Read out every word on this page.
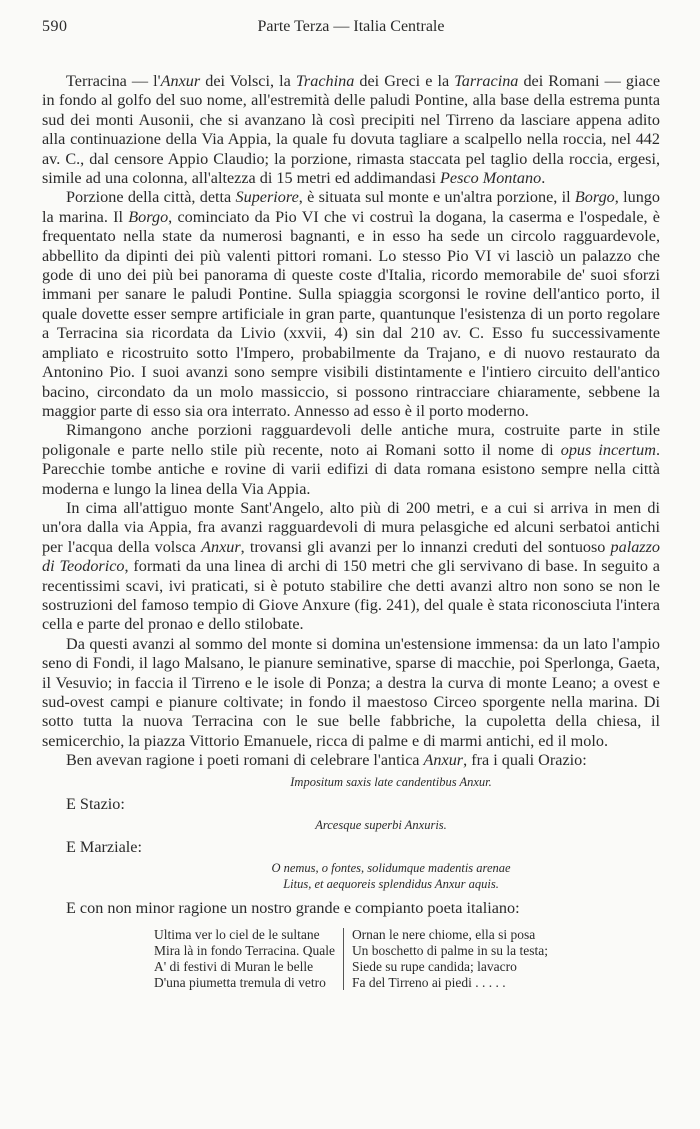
590	Parte Terza — Italia Centrale

Terracina — l'Anxur dei Volsci, la Trachina dei Greci e la Tarracina dei Romani — giace in fondo al golfo del suo nome, all'estremità delle paludi Pontine, alla base della estrema punta sud dei monti Ausonii, che si avanzano là così precipiti nel Tirreno da lasciare appena adito alla continuazione della Via Appia, la quale fu dovuta tagliare a scalpello nella roccia, nel 442 av. C., dal censore Appio Claudio; la porzione, rimasta staccata pel taglio della roccia, ergesi, simile ad una colonna, all'altezza di 15 metri ed addimandasi Pesco Montano.

Porzione della città, detta Superiore, è situata sul monte e un'altra porzione, il Borgo, lungo la marina. Il Borgo, cominciato da Pio VI che vi costruì la dogana, la caserma e l'ospedale, è frequentato nella state da numerosi bagnanti, e in esso ha sede un circolo ragguardevole, abbellito da dipinti dei più valenti pittori romani. Lo stesso Pio VI vi lasciò un palazzo che gode di uno dei più bei panorama di queste coste d'Italia, ricordo memorabile de' suoi sforzi immani per sanare le paludi Pontine. Sulla spiaggia scorgonsi le rovine dell'antico porto, il quale dovette esser sempre artificiale in gran parte, quantunque l'esistenza di un porto regolare a Terracina sia ricordata da Livio (xxvii, 4) sin dal 210 av. C. Esso fu successivamente ampliato e ricostruito sotto l'Impero, probabilmente da Trajano, e di nuovo restaurato da Antonino Pio. I suoi avanzi sono sempre visibili distintamente e l'intiero circuito dell'antico bacino, circondato da un molo massiccio, si possono rintracciare chiaramente, sebbene la maggior parte di esso sia ora interrato. Annesso ad esso è il porto moderno.

Rimangono anche porzioni ragguardevoli delle antiche mura, costruite parte in stile poligonale e parte nello stile più recente, noto ai Romani sotto il nome di opus incertum. Parecchie tombe antiche e rovine di varii edifizi di data romana esistono sempre nella città moderna e lungo la linea della Via Appia.

In cima all'attiguo monte Sant'Angelo, alto più di 200 metri, e a cui si arriva in men di un'ora dalla via Appia, fra avanzi ragguardevoli di mura pelasgiche ed alcuni serbatoi antichi per l'acqua della volsca Anxur, trovansi gli avanzi per lo innanzi creduti del sontuoso palazzo di Teodorico, formati da una linea di archi di 150 metri che gli servivano di base. In seguito a recentissimi scavi, ivi praticati, si è potuto stabilire che detti avanzi altro non sono se non le sostruzioni del famoso tempio di Giove Anxure (fig. 241), del quale è stata riconosciuta l'intera cella e parte del pronao e dello stilobate.

Da questi avanzi al sommo del monte si domina un'estensione immensa: da un lato l'ampio seno di Fondi, il lago Malsano, le pianure seminative, sparse di macchie, poi Sperlonga, Gaeta, il Vesuvio; in faccia il Tirreno e le isole di Ponza; a destra la curva di monte Leano; a ovest e sud-ovest campi e pianure coltivate; in fondo il maestoso Circeo sporgente nella marina. Di sotto tutta la nuova Terracina con le sue belle fabbriche, la cupoletta della chiesa, il semicerchio, la piazza Vittorio Emanuele, ricca di palme e di marmi antichi, ed il molo.

Ben avevan ragione i poeti romani di celebrare l'antica Anxur, fra i quali Orazio:

Impositum saxis late candentibus Anxur.

E Stazio:

Arcesque superbi Anxuris.

E Marziale:

O nemus, o fontes, solidumque madentis arenae
Litus, et aequoreis splendidus Anxur aquis.

E con non minor ragione un nostro grande e compianto poeta italiano:

Ultima ver lo ciel de le sultane
Mira là in fondo Terracina. Quale
A' di festivi di Muran le belle
D'una piumetta tremula di vetro
Ornan le nere chiome, ella si posa
Un boschetto di palme in su la testa;
Siede su rupe candida; lavacro
Fa del Tirreno ai piedi . . . . .
